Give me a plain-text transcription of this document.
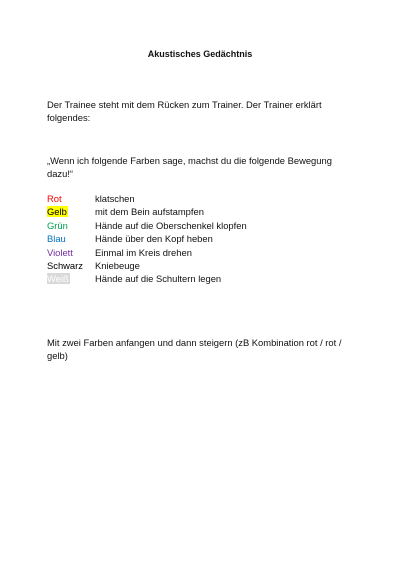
Akustisches Gedächtnis
Der Trainee steht mit dem Rücken zum Trainer. Der Trainer erklärt folgendes:
„Wenn ich folgende Farben sage, machst du die folgende Bewegung dazu!“
Rot	klatschen
Gelb	mit dem Bein aufstampfen
Grün	Hände auf die Oberschenkel klopfen
Blau	Hände über den Kopf heben
Violett	Einmal im Kreis drehen
Schwarz	Kniebeuge
Weiß	Hände auf die Schultern legen
Mit zwei Farben anfangen und dann steigern (zB Kombination rot / rot / gelb)
